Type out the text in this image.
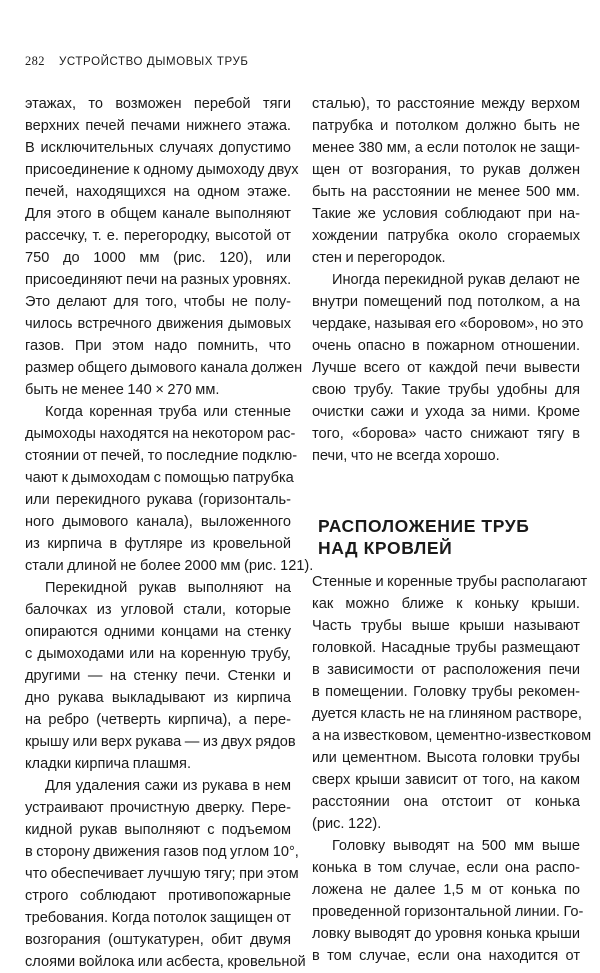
282 УСТРОЙСТВО ДЫМОВЫХ ТРУБ
этажах, то возможен перебой тяги
верхних печей печами нижнего этажа.
В исключительных случаях допустимо
присоединение к одному дымоходу двух
печей, находящихся на одном этаже.
Для этого в общем канале выполняют
рассечку, т. е. перегородку, высотой от
750 до 1000 мм (рис. 120), или
присоединяют печи на разных уровнях.
Это делают для того, чтобы не полу-
чилось встречного движения дымовых
газов. При этом надо помнить, что
размер общего дымового канала должен
быть не менее 140 × 270 мм.
Когда коренная труба или стенные
дымоходы находятся на некотором рас-
стоянии от печей, то последние подклю-
чают к дымоходам с помощью патрубка
или перекидного рукава (горизонталь-
ного дымового канала), выложенного
из кирпича в футляре из кровельной
стали длиной не более 2000 мм (рис. 121).
Перекидной рукав выполняют на
балочках из угловой стали, которые
опираются одними концами на стенку
с дымоходами или на коренную трубу,
другими — на стенку печи. Стенки и
дно рукава выкладывают из кирпича
на ребро (четверть кирпича), а пере-
крышу или верх рукава — из двух рядов
кладки кирпича плашмя.
Для удаления сажи из рукава в нем
устраивают прочистную дверку. Пере-
кидной рукав выполняют с подъемом
в сторону движения газов под углом 10°,
что обеспечивает лучшую тягу; при этом
строго соблюдают противопожарные
требования. Когда потолок защищен от
возгорания (оштукатурен, обит двумя
слоями войлока или асбеста, кровельной
сталью), то расстояние между верхом
патрубка и потолком должно быть не
менее 380 мм, а если потолок не защи-
щен от возгорания, то рукав должен
быть на расстоянии не менее 500 мм.
Такие же условия соблюдают при на-
хождении патрубка около сгораемых
стен и перегородок.
Иногда перекидной рукав делают не
внутри помещений под потолком, а на
чердаке, называя его «боровом», но это
очень опасно в пожарном отношении.
Лучше всего от каждой печи вывести
свою трубу. Такие трубы удобны для
очистки сажи и ухода за ними. Кроме
того, «борова» часто снижают тягу в
печи, что не всегда хорошо.
РАСПОЛОЖЕНИЕ ТРУБ
НАД КРОВЛЕЙ
Стенные и коренные трубы располагают
как можно ближе к коньку крыши.
Часть трубы выше крыши называют
головкой. Насадные трубы размещают
в зависимости от расположения печи
в помещении. Головку трубы рекомен-
дуется класть не на глиняном растворе,
а на известковом, цементно-известковом
или цементном. Высота головки трубы
сверх крыши зависит от того, на каком
расстоянии она отстоит от конька
(рис. 122).
Головку выводят на 500 мм выше
конька в том случае, если она распо-
ложена не далее 1,5 м от конька по
проведенной горизонтальной линии. Го-
ловку выводят до уровня конька крыши
в том случае, если она находится от
